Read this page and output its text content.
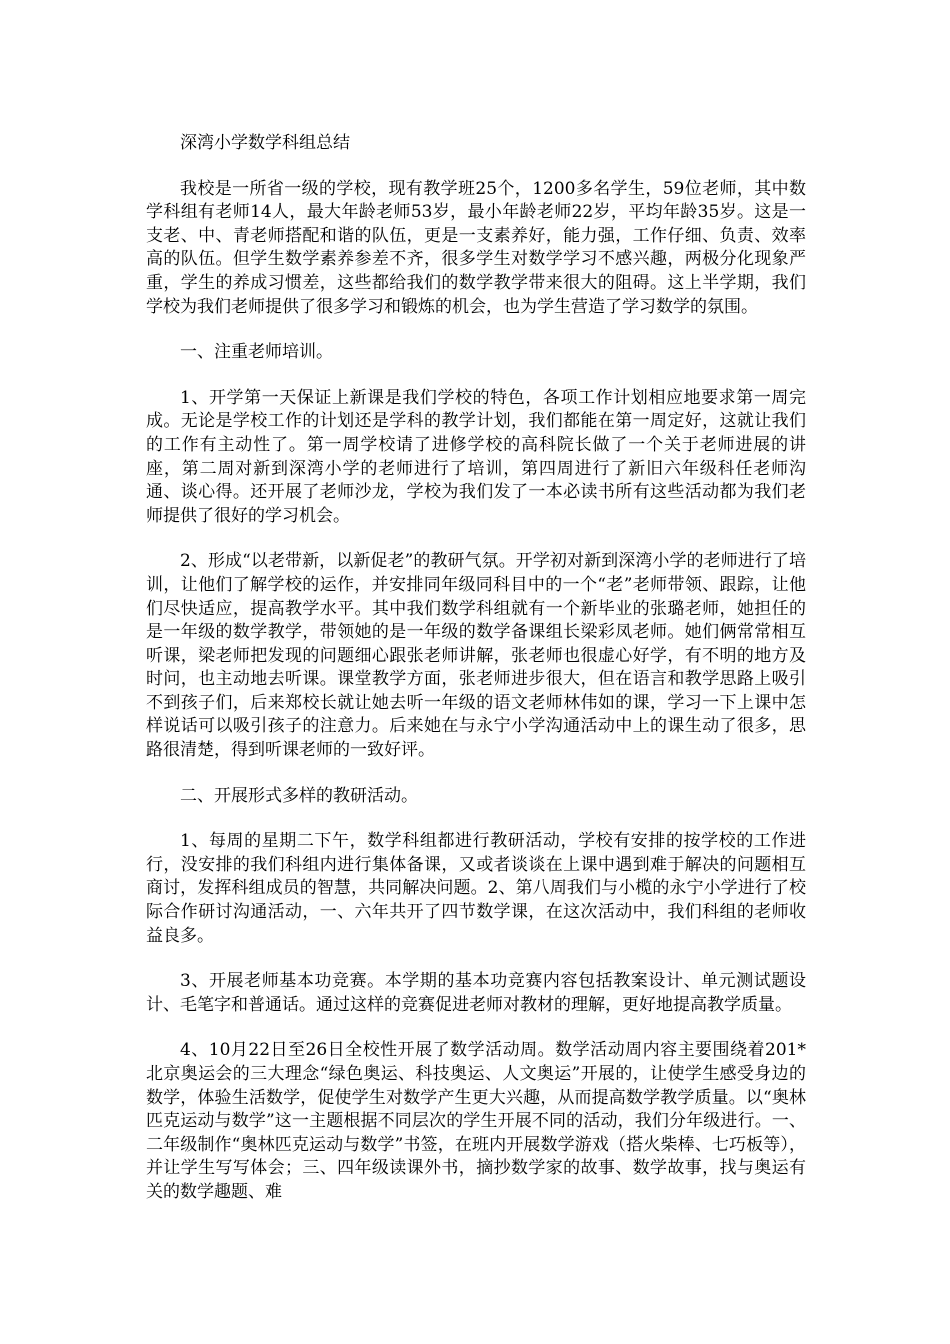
深湾小学数学科组总结

我校是一所省一级的学校，现有教学班25个，1200多名学生，59位老师，其中数学科组有老师14人，最大年龄老师53岁，最小年龄老师22岁，平均年龄35岁。这是一支老、中、青老师搭配和谐的队伍，更是一支素养好，能力强，工作仔细、负责、效率高的队伍。但学生数学素养参差不齐，很多学生对数学学习不感兴趣，两极分化现象严重，学生的养成习惯差，这些都给我们的数学教学带来很大的阻碍。这上半学期，我们学校为我们老师提供了很多学习和锻炼的机会，也为学生营造了学习数学的氛围。

一、注重老师培训。

1、开学第一天保证上新课是我们学校的特色，各项工作计划相应地要求第一周完成。无论是学校工作的计划还是学科的教学计划，我们都能在第一周定好，这就让我们的工作有主动性了。第一周学校请了进修学校的高科院长做了一个关于老师进展的讲座，第二周对新到深湾小学的老师进行了培训，第四周进行了新旧六年级科任老师沟通、谈心得。还开展了老师沙龙，学校为我们发了一本必读书所有这些活动都为我们老师提供了很好的学习机会。

2、形成“以老带新，以新促老”的教研气氛。开学初对新到深湾小学的老师进行了培训，让他们了解学校的运作，并安排同年级同科目中的一个“老”老师带领、跟踪，让他们尽快适应，提高教学水平。其中我们数学科组就有一个新毕业的张璐老师，她担任的是一年级的数学教学，带领她的是一年级的数学备课组长梁彩凤老师。她们俩常常相互听课，梁老师把发现的问题细心跟张老师讲解，张老师也很虚心好学，有不明的地方及时问，也主动地去听课。课堂教学方面，张老师进步很大，但在语言和教学思路上吸引不到孩子们，后来郑校长就让她去听一年级的语文老师林伟如的课，学习一下上课中怎样说话可以吸引孩子的注意力。后来她在与永宁小学沟通活动中上的课生动了很多，思路很清楚，得到听课老师的一致好评。

二、开展形式多样的教研活动。

1、每周的星期二下午，数学科组都进行教研活动，学校有安排的按学校的工作进行，没安排的我们科组内进行集体备课，又或者谈谈在上课中遇到难于解决的问题相互商讨，发挥科组成员的智慧，共同解决问题。2、第八周我们与小榄的永宁小学进行了校际合作研讨沟通活动，一、六年共开了四节数学课，在这次活动中，我们科组的老师收益良多。

3、开展老师基本功竞赛。本学期的基本功竞赛内容包括教案设计、单元测试题设计、毛笔字和普通话。通过这样的竞赛促进老师对教材的理解，更好地提高教学质量。

4、10月22日至26日全校性开展了数学活动周。数学活动周内容主要围绕着201*北京奥运会的三大理念“绿色奥运、科技奥运、人文奥运”开展的，让使学生感受身边的数学，体验生活数学，促使学生对数学产生更大兴趣，从而提高数学教学质量。以“奥林匹克运动与数学”这一主题根据不同层次的学生开展不同的活动，我们分年级进行。一、二年级制作“奥林匹克运动与数学”书签，在班内开展数学游戏（搭火柴棒、七巧板等），并让学生写写体会；三、四年级读课外书，摘抄数学家的故事、数学故事，找与奥运有关的数学趣题、难
